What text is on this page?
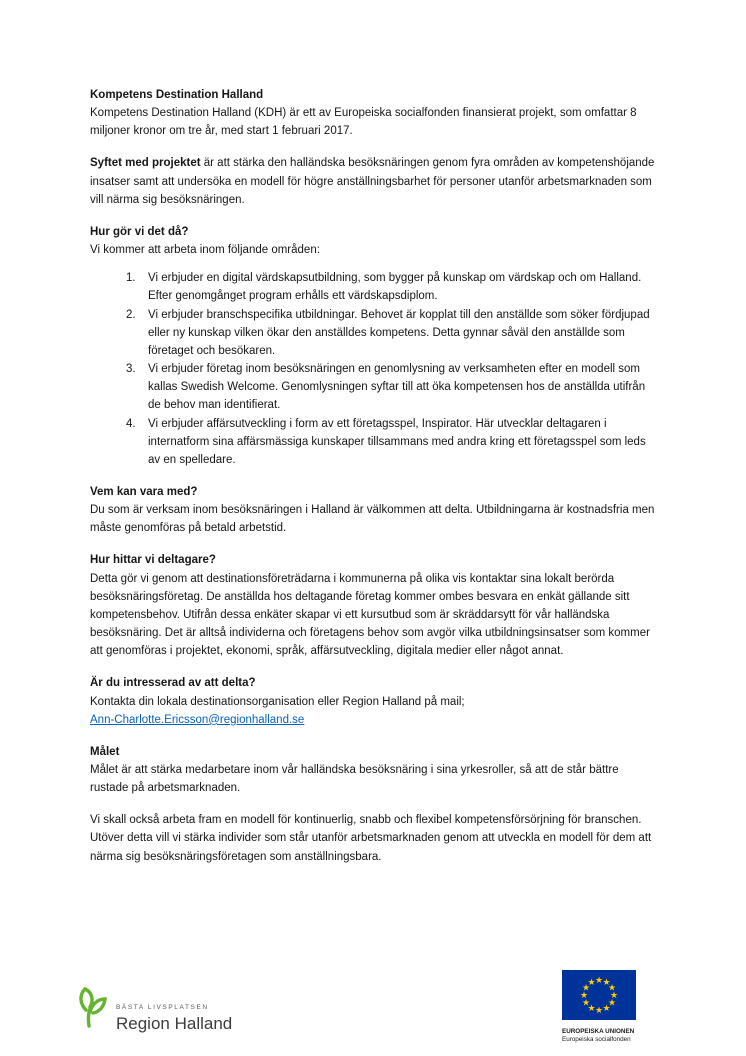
Kompetens Destination Halland

Kompetens Destination Halland (KDH) är ett av Europeiska socialfonden finansierat projekt, som omfattar 8 miljoner kronor om tre år, med start 1 februari 2017.

Syftet med projektet är att stärka den halländska besöksnäringen genom fyra områden av kompetenshöjande insatser samt att undersöka en modell för högre anställningsbarhet för personer utanför arbetsmarknaden som vill närma sig besöksnäringen.

Hur gör vi det då?

Vi kommer att arbeta inom följande områden:

1.	Vi erbjuder en digital värdskapsutbildning, som bygger på kunskap om värdskap och om Halland. Efter genomgånget program erhålls ett värdskapsdiplom.
2.	Vi erbjuder branschspecifika utbildningar. Behovet är kopplat till den anställde som söker fördjupad eller ny kunskap vilken ökar den anställdes kompetens. Detta gynnar såväl den anställde som företaget och besökaren.
3.	Vi erbjuder företag inom besöksnäringen en genomlysning av verksamheten efter en modell som kallas Swedish Welcome. Genomlysningen syftar till att öka kompetensen hos de anställda utifrån de behov man identifierat.
4.	Vi erbjuder affärsutveckling i form av ett företagsspel, Inspirator. Här utvecklar deltagaren i internatform sina affärsmässiga kunskaper tillsammans med andra kring ett företagsspel som leds av en spelledare.
Vem kan vara med?

Du som är verksam inom besöksnäringen i Halland är välkommen att delta. Utbildningarna är kostnadsfria men måste genomföras på betald arbetstid.

Hur hittar vi deltagare?

Detta gör vi genom att destinationsföreträdarna i kommunerna på olika vis kontaktar sina lokalt berörda besöksnäringsföretag. De anställda hos deltagande företag kommer ombes besvara en enkät gällande sitt kompetensbehov. Utifrån dessa enkäter skapar vi ett kursutbud som är skräddarsytt för vår halländska besöksnäring. Det är alltså individerna och företagens behov som avgör vilka utbildningsinsatser som kommer att genomföras i projektet, ekonomi, språk, affärsutveckling, digitala medier eller något annat.

Är du intresserad av att delta?

Kontakta din lokala destinationsorganisation eller Region Halland på mail;

Ann-Charlotte.Ericsson@regionhalland.se
Målet

Målet är att stärka medarbetare inom vår halländska besöksnäring i sina yrkesroller, så att de står bättre rustade på arbetsmarknaden.

Vi skall också arbeta fram en modell för kontinuerlig, snabb och flexibel kompetensförsörjning för branschen. Utöver detta vill vi stärka individer som står utanför arbetsmarknaden genom att utveckla en modell för dem att närma sig besöksnäringsföretagen som anställningsbara.

BÄSTA LIVSPLATSEN
Region Halland
★ ★
★
★
★
★
★
★
★
★
★
★
EUROPEISKA UNIONEN
Europeiska socialfonden
